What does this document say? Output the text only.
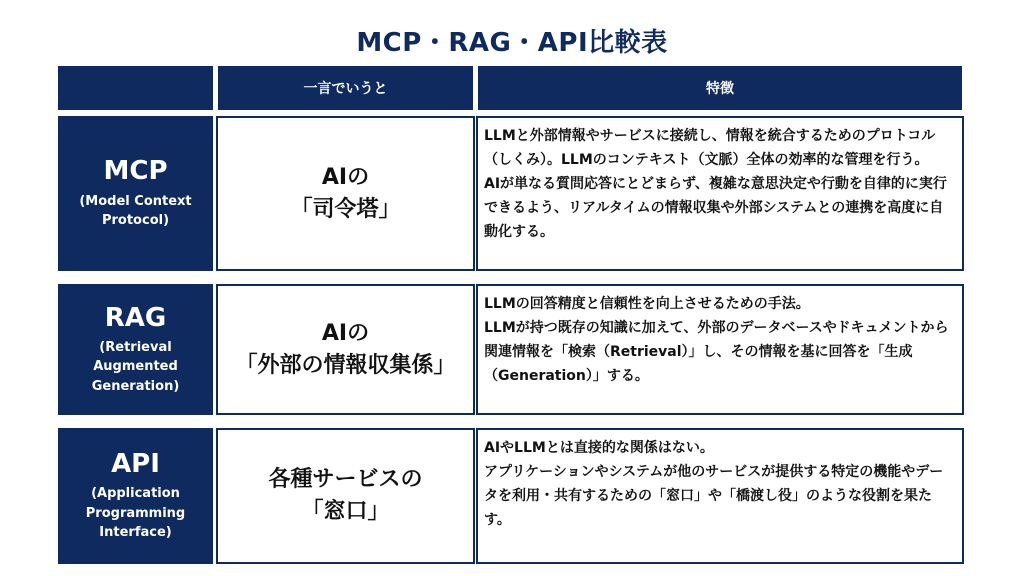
MCP・RAG・API比較表
一言でいうと	特徴
MCP
(Model Context
Protocol)
AIの
「司令塔」

LLMと外部情報やサービスに接続し、情報を統合するためのプロトコル（しくみ）。LLMのコンテキスト（文脈）全体の効率的な管理を行う。

AIが単なる質問応答にとどまらず、複雑な意思決定や行動を自律的に実行できるよう、リアルタイムの情報収集や外部システムとの連携を高度に自動化する。

RAG
(Retrieval
Augmented
Generation)
AIの
「外部の情報収集係」

LLMの回答精度と信頼性を向上させるための手法。

LLMが持つ既存の知識に加えて、外部のデータベースやドキュメントから関連情報を「検索（Retrieval）」し、その情報を基に回答を「生成（Generation）」する。

API
(Application
Programming
Interface)
各種サービスの
「窓口」

AIやLLMとは直接的な関係はない。

アプリケーションやシステムが他のサービスが提供する特定の機能やデータを利用・共有するための「窓口」や「橋渡し役」のような役割を果たす。
